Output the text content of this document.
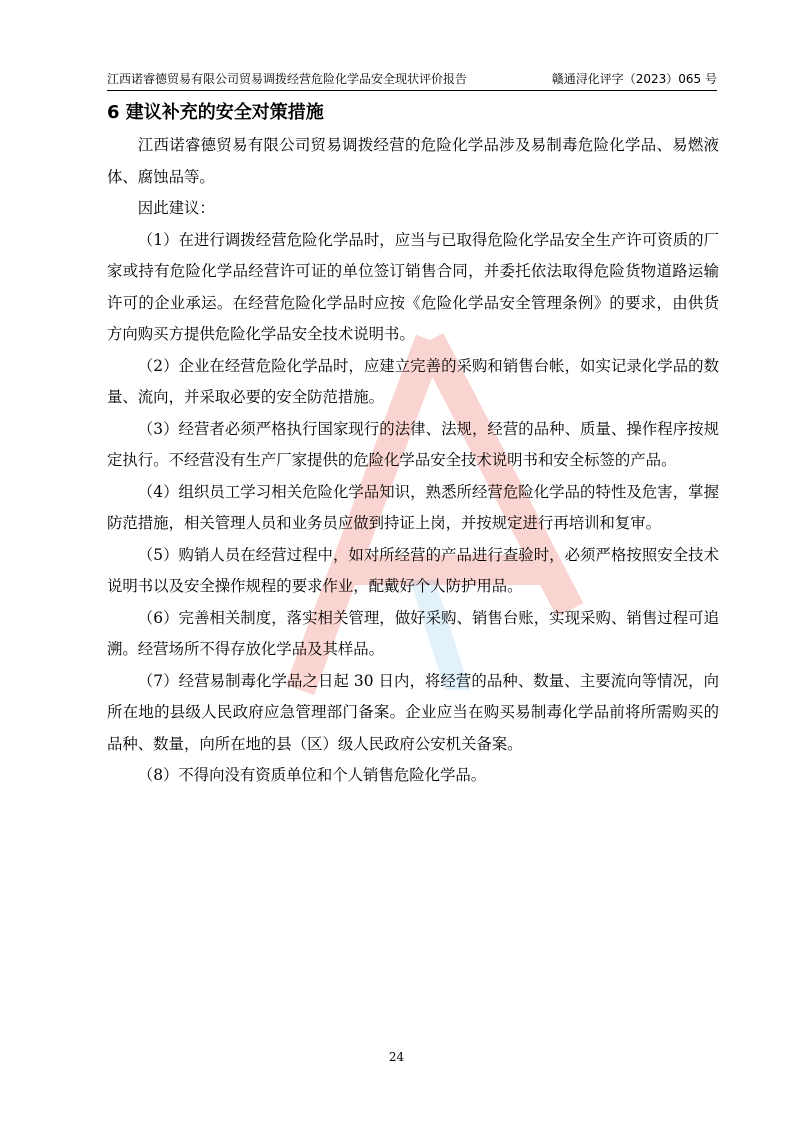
江西诺睿德贸易有限公司贸易调拨经营危险化学品安全现状评价报告	赣通浔化评字（2023）065 号
6 建议补充的安全对策措施

江西诺睿德贸易有限公司贸易调拨经营的危险化学品涉及易制毒危险化学品、易燃液体、腐蚀品等。

因此建议：

（1）在进行调拨经营危险化学品时，应当与已取得危险化学品安全生产许可资质的厂家或持有危险化学品经营许可证的单位签订销售合同，并委托依法取得危险货物道路运输许可的企业承运。在经营危险化学品时应按《危险化学品安全管理条例》的要求，由供货方向购买方提供危险化学品安全技术说明书。

（2）企业在经营危险化学品时，应建立完善的采购和销售台帐，如实记录化学品的数量、流向，并采取必要的安全防范措施。

（3）经营者必须严格执行国家现行的法律、法规，经营的品种、质量、操作程序按规定执行。不经营没有生产厂家提供的危险化学品安全技术说明书和安全标签的产品。

（4）组织员工学习相关危险化学品知识，熟悉所经营危险化学品的特性及危害，掌握防范措施，相关管理人员和业务员应做到持证上岗，并按规定进行再培训和复审。

（5）购销人员在经营过程中，如对所经营的产品进行查验时，必须严格按照安全技术说明书以及安全操作规程的要求作业，配戴好个人防护用品。

（6）完善相关制度，落实相关管理，做好采购、销售台账，实现采购、销售过程可追溯。经营场所不得存放化学品及其样品。

（7）经营易制毒化学品之日起 30 日内，将经营的品种、数量、主要流向等情况，向所在地的县级人民政府应急管理部门备案。企业应当在购买易制毒化学品前将所需购买的品种、数量，向所在地的县（区）级人民政府公安机关备案。

（8）不得向没有资质单位和个人销售危险化学品。

24
